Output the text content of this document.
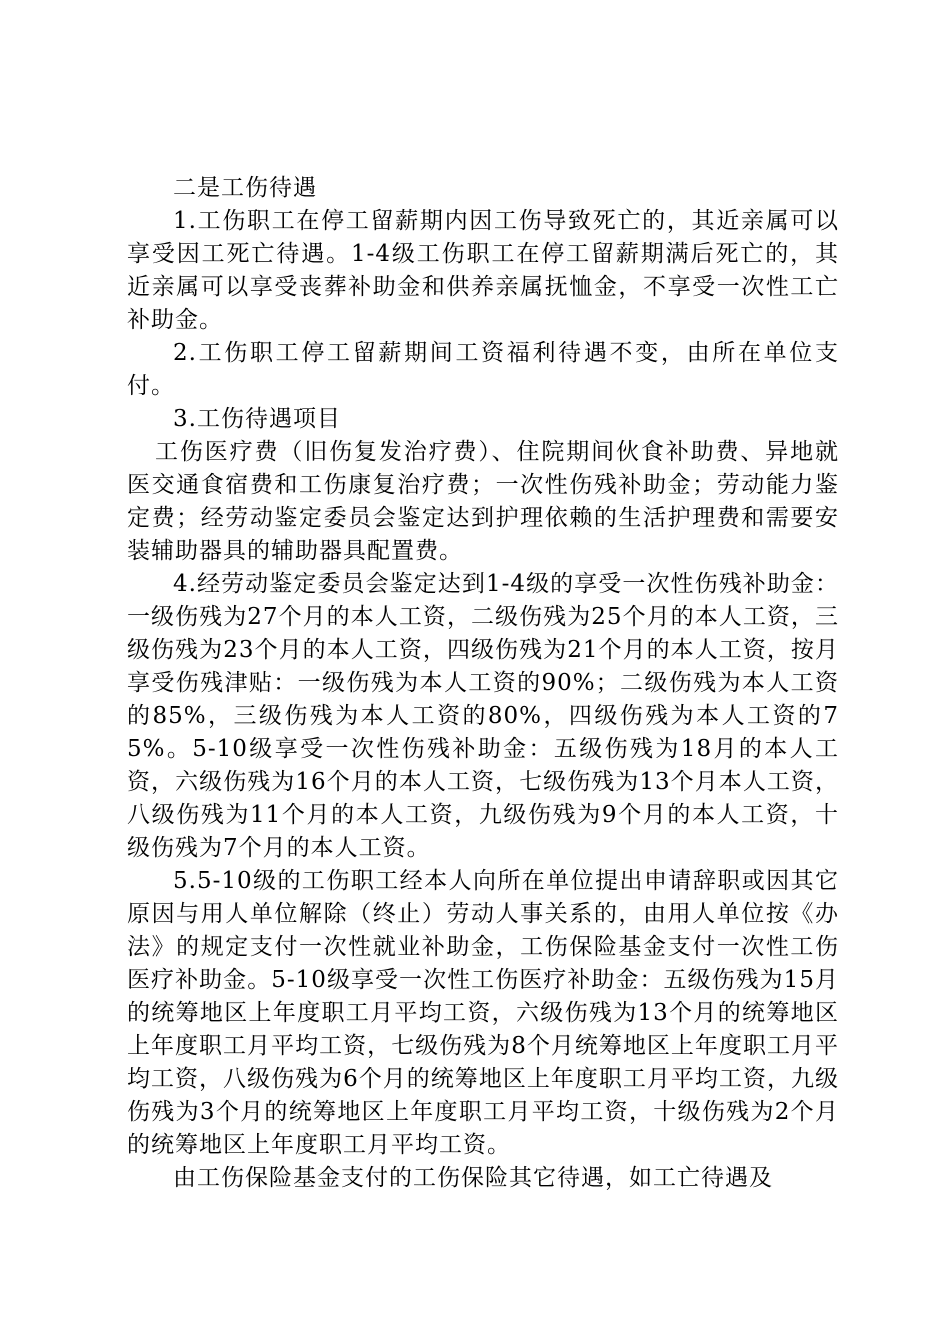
二是工伤待遇

1.工伤职工在停工留薪期内因工伤导致死亡的，其近亲属可以享受因工死亡待遇。1-4级工伤职工在停工留薪期满后死亡的，其近亲属可以享受丧葬补助金和供养亲属抚恤金，不享受一次性工亡补助金。

2.工伤职工停工留薪期间工资福利待遇不变，由所在单位支付。

3.工伤待遇项目

工伤医疗费（旧伤复发治疗费）、住院期间伙食补助费、异地就医交通食宿费和工伤康复治疗费；一次性伤残补助金；劳动能力鉴定费；经劳动鉴定委员会鉴定达到护理依赖的生活护理费和需要安装辅助器具的辅助器具配置费。

4.经劳动鉴定委员会鉴定达到1-4级的享受一次性伤残补助金：一级伤残为27个月的本人工资，二级伤残为25个月的本人工资，三级伤残为23个月的本人工资，四级伤残为21个月的本人工资，按月享受伤残津贴：一级伤残为本人工资的90%；二级伤残为本人工资的85%，三级伤残为本人工资的80%，四级伤残为本人工资的75%。5-10级享受一次性伤残补助金：五级伤残为18月的本人工资，六级伤残为16个月的本人工资，七级伤残为13个月本人工资，八级伤残为11个月的本人工资，九级伤残为9个月的本人工资，十级伤残为7个月的本人工资。

5.5-10级的工伤职工经本人向所在单位提出申请辞职或因其它原因与用人单位解除（终止）劳动人事关系的，由用人单位按《办法》的规定支付一次性就业补助金，工伤保险基金支付一次性工伤医疗补助金。5-10级享受一次性工伤医疗补助金：五级伤残为15月的统筹地区上年度职工月平均工资，六级伤残为13个月的统筹地区上年度职工月平均工资，七级伤残为8个月统筹地区上年度职工月平均工资，八级伤残为6个月的统筹地区上年度职工月平均工资，九级伤残为3个月的统筹地区上年度职工月平均工资，十级伤残为2个月的统筹地区上年度职工月平均工资。

由工伤保险基金支付的工伤保险其它待遇，如工亡待遇及
